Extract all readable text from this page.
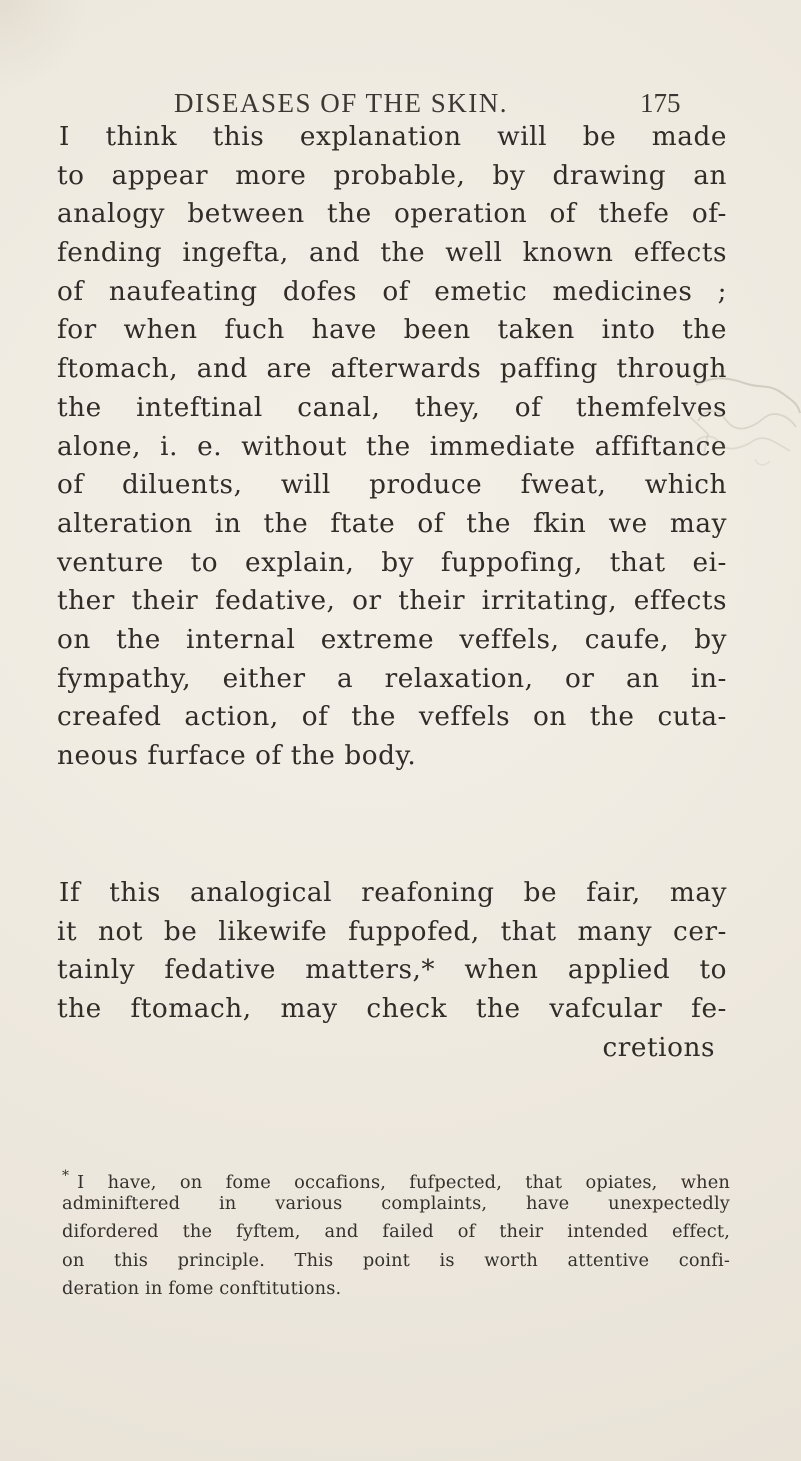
DISEASES OF THE SKIN.	175

I think this explanation will be made
to appear more probable, by drawing an
analogy between the operation of thefe of-
fending ingefta, and the well known effects
of naufeating dofes of emetic medicines ;
for when fuch have been taken into the
ftomach, and are afterwards paffing through
the inteftinal canal, they, of themfelves
alone, i. e. without the immediate affiftance
of diluents, will produce fweat, which
alteration in the ftate of the fkin we may
venture to explain, by fuppofing, that ei-
ther their fedative, or their irritating, effects
on the internal extreme veffels, caufe, by
fympathy, either a relaxation, or an in-
creafed action, of the veffels on the cuta-
neous furface of the body.

If this analogical reafoning be fair, may
it not be likewife fuppofed, that many cer-
tainly fedative matters,* when applied to
the ftomach, may check the vafcular fe-
cretions

* I have, on fome occafions, fufpected, that opiates, when
adminiftered in various complaints, have unexpectedly
difordered the fyftem, and failed of their intended effect,
on this principle. This point is worth attentive confi-
deration in fome conftitutions.
